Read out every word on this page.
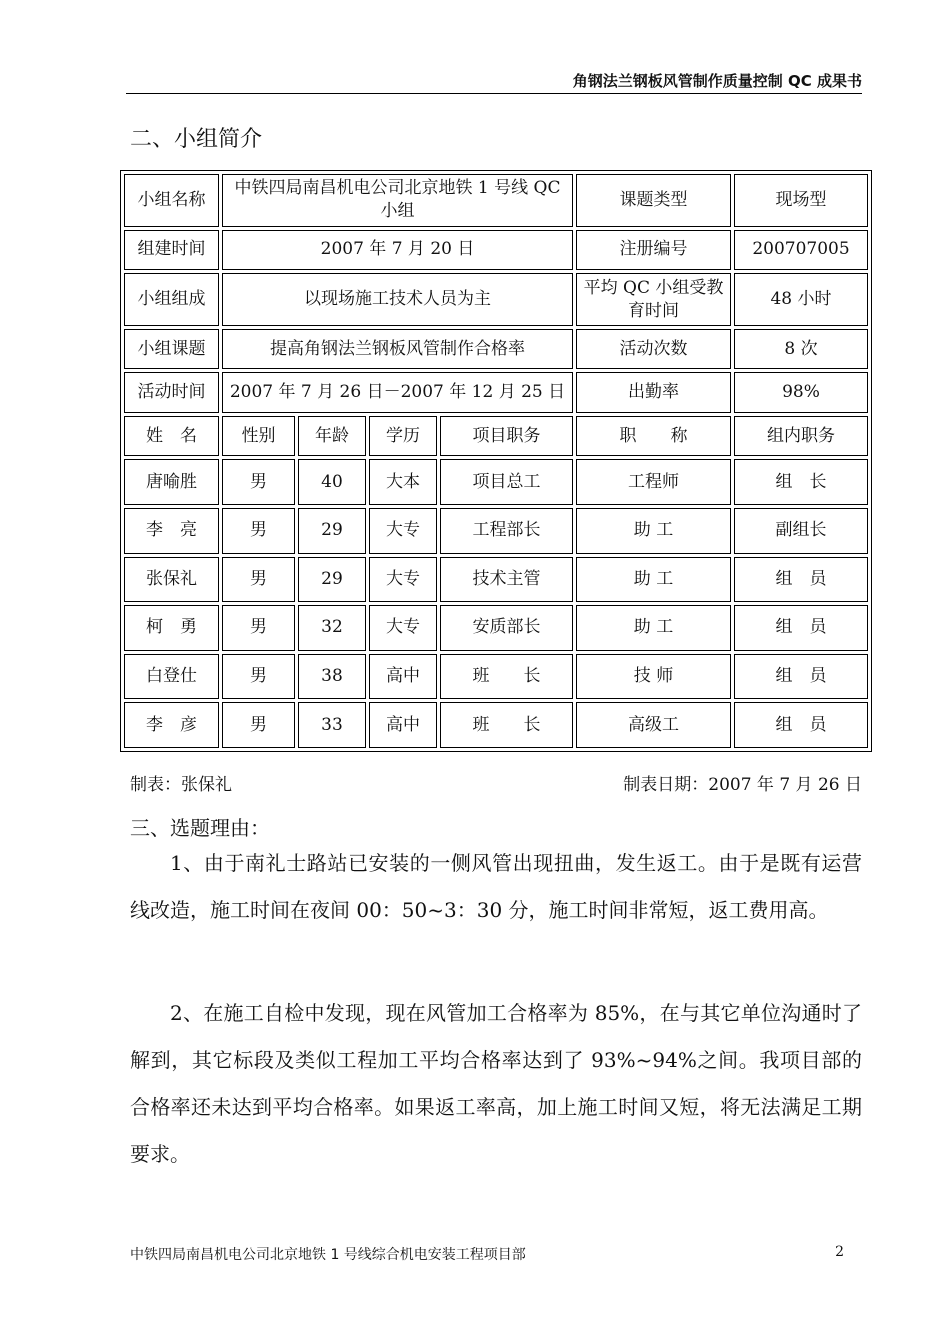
角钢法兰钢板风管制作质量控制 QC 成果书
二、小组简介
小组名称	中铁四局南昌机电公司北京地铁 1 号线 QC 小组				课题类型	现场型
组建时间	2007 年 7 月 20 日				注册编号	200707005
小组组成	以现场施工技术人员为主				平均 QC 小组受教育时间	48 小时
小组课题	提高角钢法兰钢板风管制作合格率				活动次数	8 次
活动时间	2007 年 7 月 26 日－2007 年 12 月 25 日				出勤率	98%
姓　名	性别	年龄	学历	项目职务	职　　称	组内职务
唐喻胜	男	40	大本	项目总工	工程师	组　长
李　亮	男	29	大专	工程部长	助 工	副组长
张保礼	男	29	大专	技术主管	助 工	组　员
柯　勇	男	32	大专	安质部长	助 工	组　员
白登仕	男	38	高中	班　　长	技 师	组　员
李　彦	男	33	高中	班　　长	高级工	组　员
制表：张保礼	制表日期：2007 年 7 月 26 日
三、选题理由：
1、由于南礼士路站已安装的一侧风管出现扭曲，发生返工。由于是既有运营线改造，施工时间在夜间 00：50~3：30 分，施工时间非常短，返工费用高。
2、在施工自检中发现，现在风管加工合格率为 85%，在与其它单位沟通时了解到，其它标段及类似工程加工平均合格率达到了 93%~94%之间。我项目部的合格率还未达到平均合格率。如果返工率高，加上施工时间又短，将无法满足工期要求。
中铁四局南昌机电公司北京地铁 1 号线综合机电安装工程项目部	2
